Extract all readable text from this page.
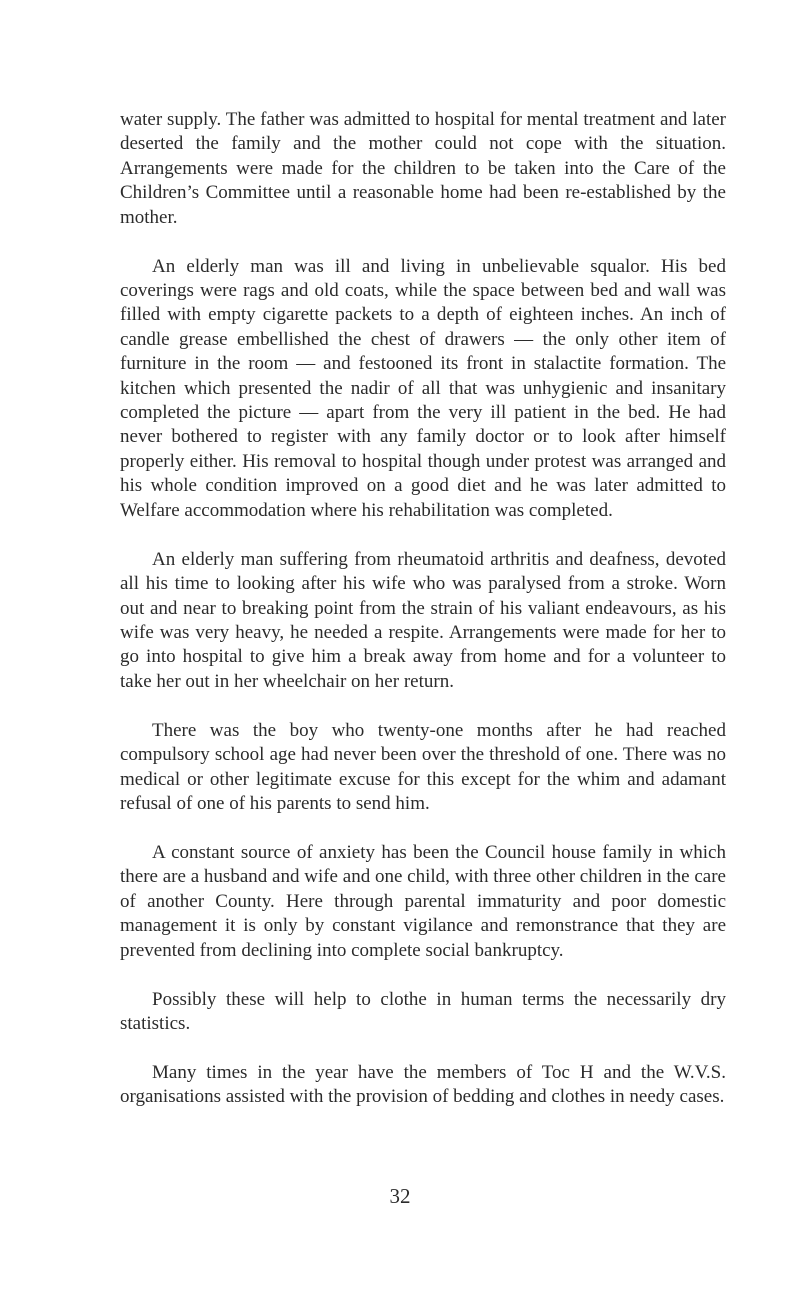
water supply. The father was admitted to hospital for mental treatment and later deserted the family and the mother could not cope with the situation. Arrangements were made for the children to be taken into the Care of the Children’s Committee until a reasonable home had been re-established by the mother.

An elderly man was ill and living in unbelievable squalor. His bed coverings were rags and old coats, while the space between bed and wall was filled with empty cigarette packets to a depth of eighteen inches. An inch of candle grease embellished the chest of drawers — the only other item of furniture in the room — and festooned its front in stalactite formation. The kitchen which presented the nadir of all that was unhygienic and insanitary completed the picture — apart from the very ill patient in the bed. He had never bothered to register with any family doctor or to look after himself properly either. His removal to hospital though under protest was arranged and his whole condition improved on a good diet and he was later admitted to Welfare accommodation where his rehabilitation was completed.

An elderly man suffering from rheumatoid arthritis and deafness, devoted all his time to looking after his wife who was paralysed from a stroke. Worn out and near to breaking point from the strain of his valiant endeavours, as his wife was very heavy, he needed a respite. Arrangements were made for her to go into hospital to give him a break away from home and for a volunteer to take her out in her wheelchair on her return.

There was the boy who twenty-one months after he had reached compulsory school age had never been over the threshold of one. There was no medical or other legitimate excuse for this except for the whim and adamant refusal of one of his parents to send him.

A constant source of anxiety has been the Council house family in which there are a husband and wife and one child, with three other children in the care of another County. Here through parental immaturity and poor domestic management it is only by constant vigilance and remonstrance that they are prevented from declining into complete social bankruptcy.

Possibly these will help to clothe in human terms the necessarily dry statistics.

Many times in the year have the members of Toc H and the W.V.S. organisations assisted with the provision of bedding and clothes in needy cases.

32
